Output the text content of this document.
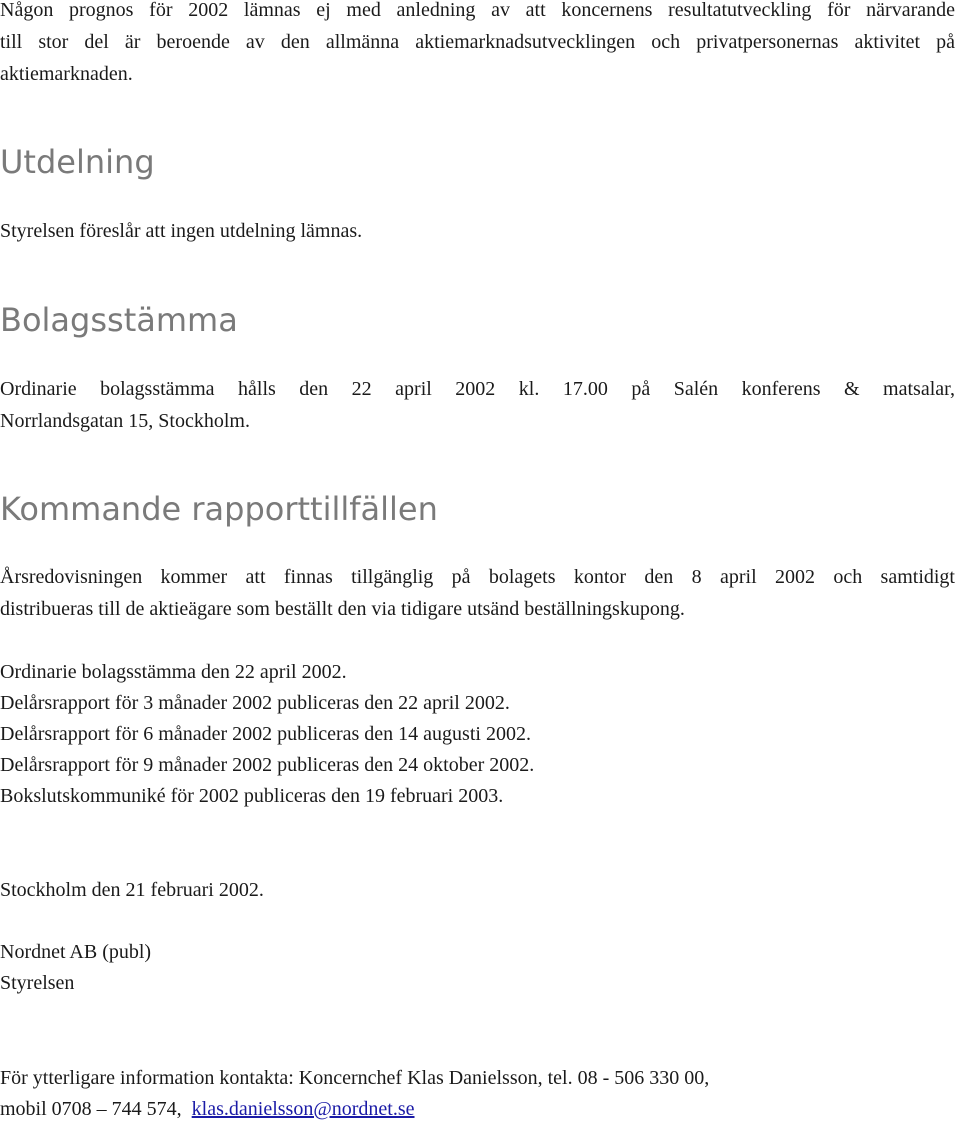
Någon prognos för 2002 lämnas ej med anledning av att koncernens resultatutveckling för närvarande
till stor del är beroende av den allmänna aktiemarknadsutvecklingen och privatpersonernas aktivitet på
aktiemarknaden.
Utdelning
Styrelsen föreslår att ingen utdelning lämnas.
Bolagsstämma
Ordinarie bolagsstämma hålls den 22 april 2002 kl. 17.00 på Salén konferens & matsalar,
Norrlandsgatan 15, Stockholm.
Kommande rapporttillfällen
Årsredovisningen kommer att finnas tillgänglig på bolagets kontor den 8 april 2002 och samtidigt
distribueras till de aktieägare som beställt den via tidigare utsänd beställningskupong.
Ordinarie bolagsstämma den 22 april 2002.
Delårsrapport för 3 månader 2002 publiceras den 22 april 2002.
Delårsrapport för 6 månader 2002 publiceras den 14 augusti 2002.
Delårsrapport för 9 månader 2002 publiceras den 24 oktober 2002.
Bokslutskommuniké för 2002 publiceras den 19 februari 2003.
Stockholm den 21 februari 2002.
Nordnet AB (publ)
Styrelsen
För ytterligare information kontakta: Koncernchef Klas Danielsson, tel. 08 - 506 330 00,
mobil 0708 – 744 574, klas.danielsson@nordnet.se
